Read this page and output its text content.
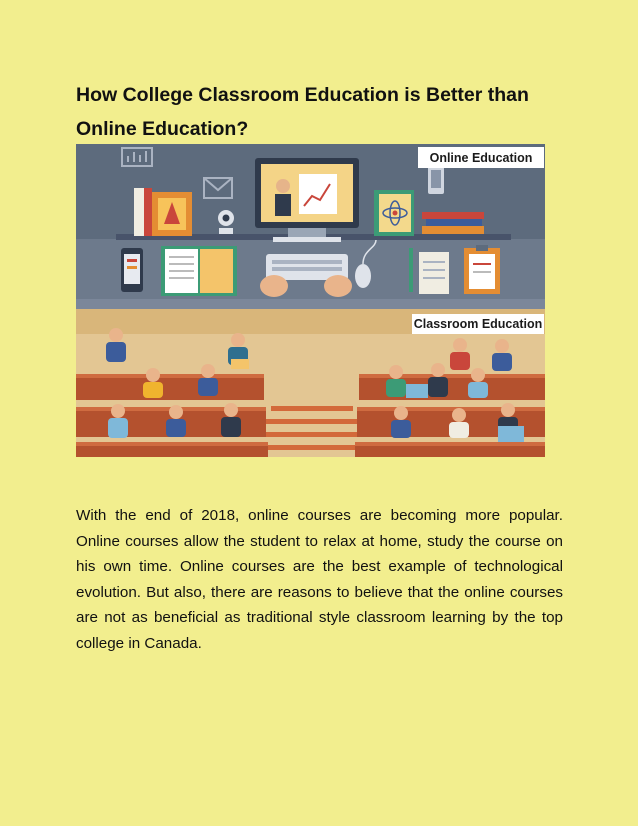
How College Classroom Education is Better than Online Education?
Online Education
Classroom Education

With the end of 2018, online courses are becoming more popular. Online courses allow the student to relax at home, study the course on his own time. Online courses are the best example of technological evolution. But also, there are reasons to believe that the online courses are not as beneficial as traditional style classroom learning by the top college in Canada.
